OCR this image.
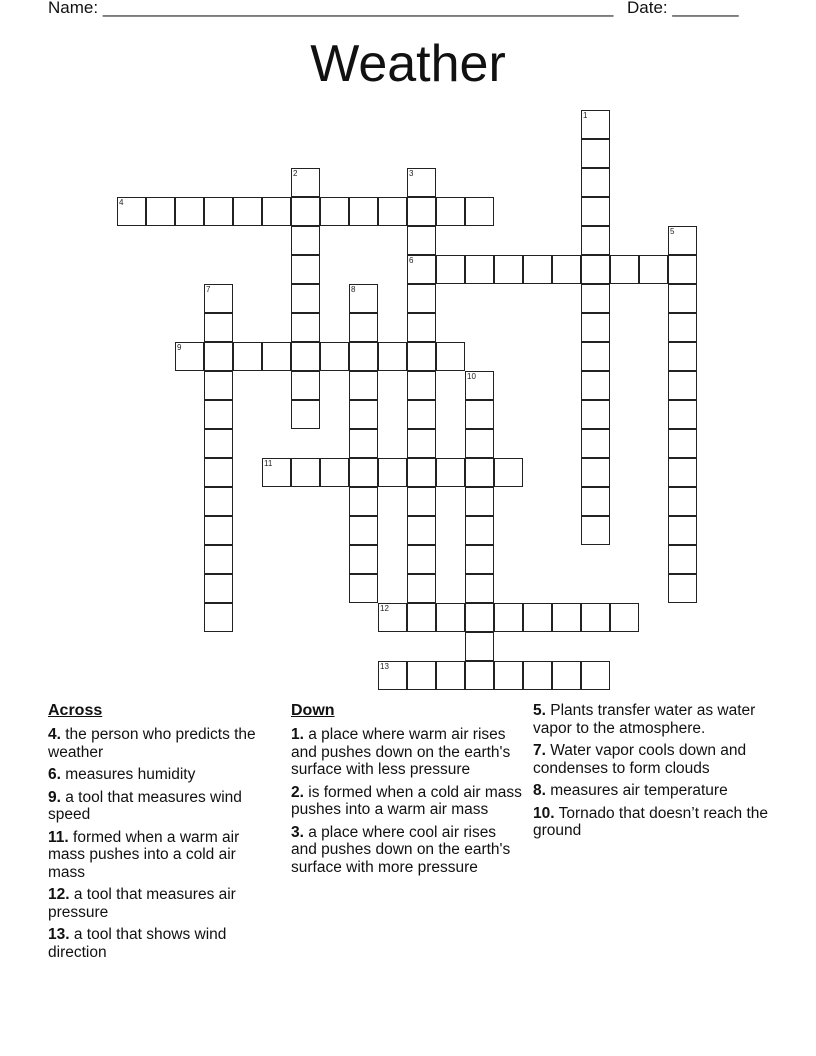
Name: ______________________________________________________ Date: _______
Weather
1
2	3
6
4
5
7	8
9
10
11
12
13
Across
4. the person who predicts the weather
6. measures humidity
9. a tool that measures wind speed
11. formed when a warm air mass pushes into a cold air mass
12. a tool that measures air pressure
13. a tool that shows wind direction
Down
1. a place where warm air rises and pushes down on the earth's surface with less pressure
2. is formed when a cold air mass pushes into a warm air mass
3. a place where cool air rises and pushes down on the earth's surface with more pressure
5. Plants transfer water as water vapor to the atmosphere.
7. Water vapor cools down and condenses to form clouds
8. measures air temperature
10. Tornado that doesn’t reach the ground
